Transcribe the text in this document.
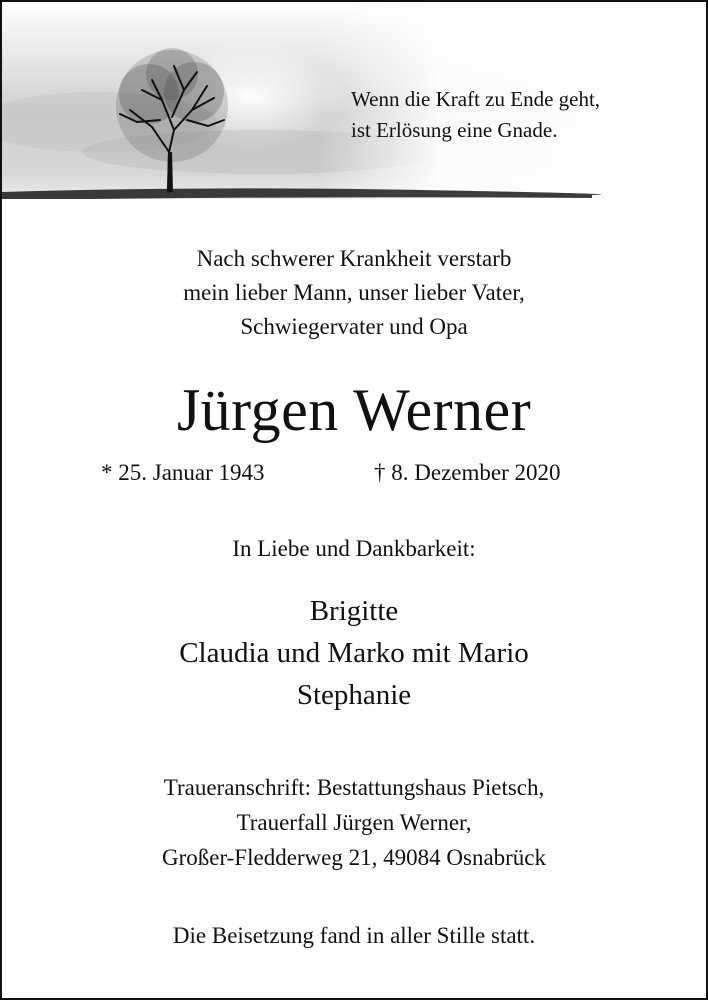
Wenn die Kraft zu Ende geht,
ist Erlösung eine Gnade.
Nach schwerer Krankheit verstarb
mein lieber Mann, unser lieber Vater,
Schwiegervater und Opa
Jürgen Werner
* 25. Januar 1943	† 8. Dezember 2020
In Liebe und Dankbarkeit:
Brigitte
Claudia und Marko mit Mario
Stephanie
Traueranschrift: Bestattungshaus Pietsch,
Trauerfall Jürgen Werner,
Großer-Fledderweg 21, 49084 Osnabrück
Die Beisetzung fand in aller Stille statt.
